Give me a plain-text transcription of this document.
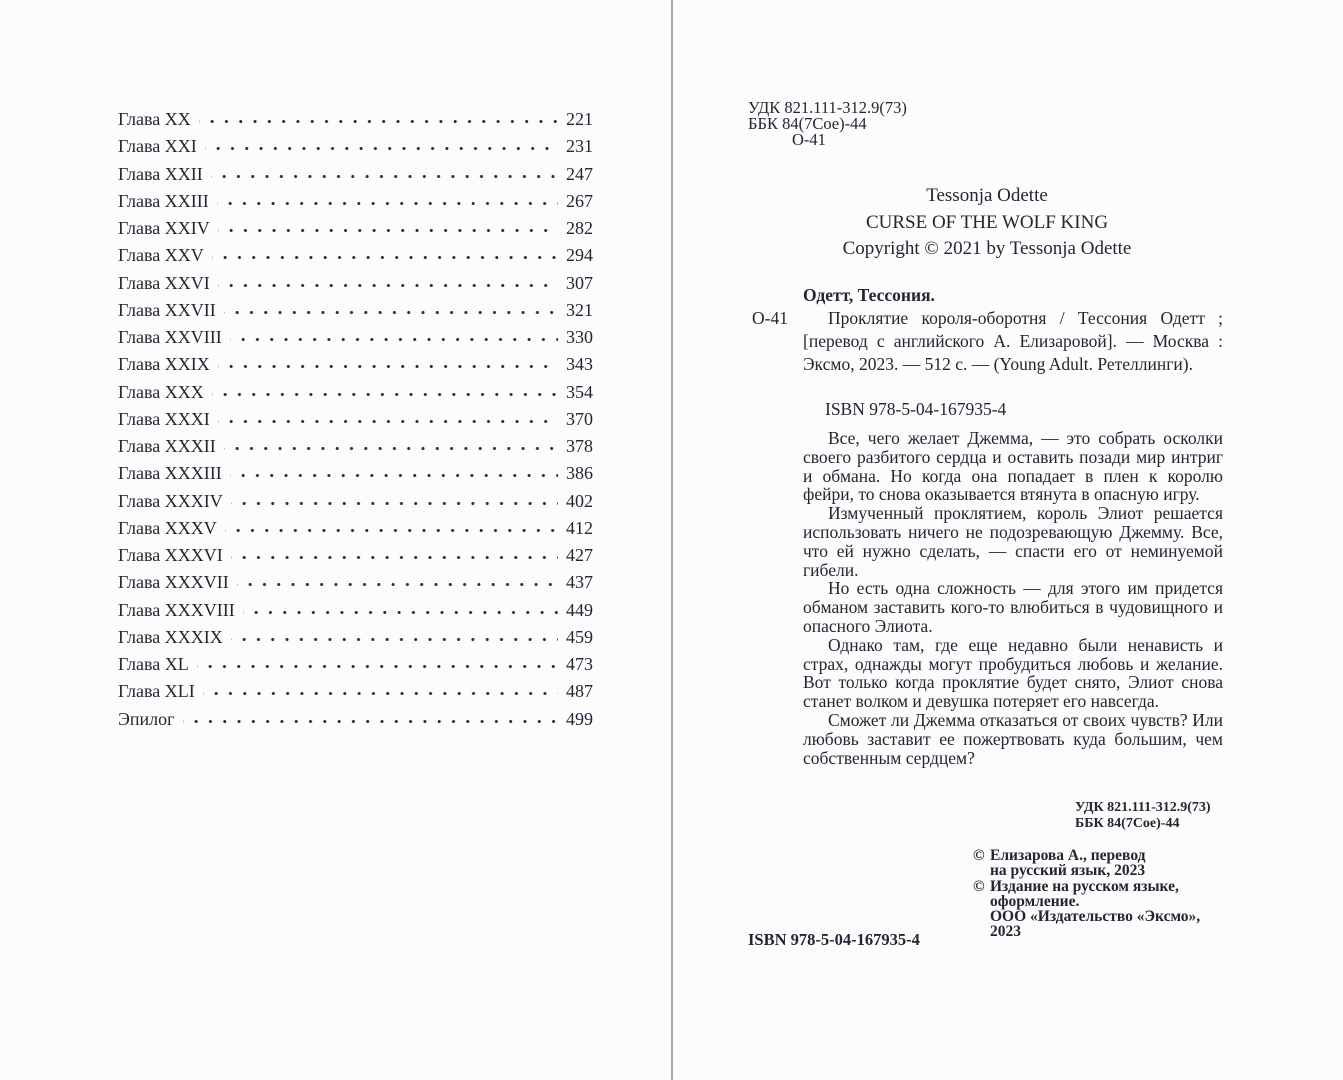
Глава XX	221
Глава XXI	231
Глава XXII	247
Глава XXIII	267
Глава XXIV	282
Глава XXV	294
Глава XXVI	307
Глава XXVII	321
Глава XXVIII	330
Глава XXIX	343
Глава XXX	354
Глава XXXI	370
Глава XXXII	378
Глава XXXIII	386
Глава XXXIV	402
Глава XXXV	412
Глава XXXVI	427
Глава XXXVII	437
Глава XXXVIII	449
Глава XXXIX	459
Глава XL	473
Глава XLI	487
Эпилог	499
УДК 821.111-312.9(73)
ББК 84(7Сое)-44
О-41
Tessonja Odette
CURSE OF THE WOLF KING
Copyright © 2021 by Tessonja Odette
Одетт, Тессония.
О-41	Проклятие короля-оборотня / Тессония Одетт ; [перевод с английского А. Елизаровой]. — Москва : Эксмо, 2023. — 512 с. — (Young Adult. Ретеллинги).

ISBN 978-5-04-167935-4

Все, чего желает Джемма, — это собрать осколки своего разбитого сердца и оставить позади мир интриг и обмана. Но когда она попадает в плен к королю фейри, то снова оказывается втянута в опасную игру.

Измученный проклятием, король Элиот решается использовать ничего не подозревающую Джемму. Все, что ей нужно сделать, — спасти его от неминуемой гибели.

Но есть одна сложность — для этого им придется обманом заставить кого-то влюбиться в чудовищного и опасного Элиота.

Однако там, где еще недавно были ненависть и страх, однажды могут пробудиться любовь и желание. Вот только когда проклятие будет снято, Элиот снова станет волком и девушка потеряет его навсегда.

Сможет ли Джемма отказаться от своих чувств? Или любовь заставит ее пожертвовать куда большим, чем собственным сердцем?

УДК 821.111-312.9(73)
ББК 84(7Сое)-44
© Елизарова А., перевод
на русский язык, 2023
© Издание на русском языке,
оформление.
ООО «Издательство «Эксмо»,
2023
ISBN 978-5-04-167935-4
